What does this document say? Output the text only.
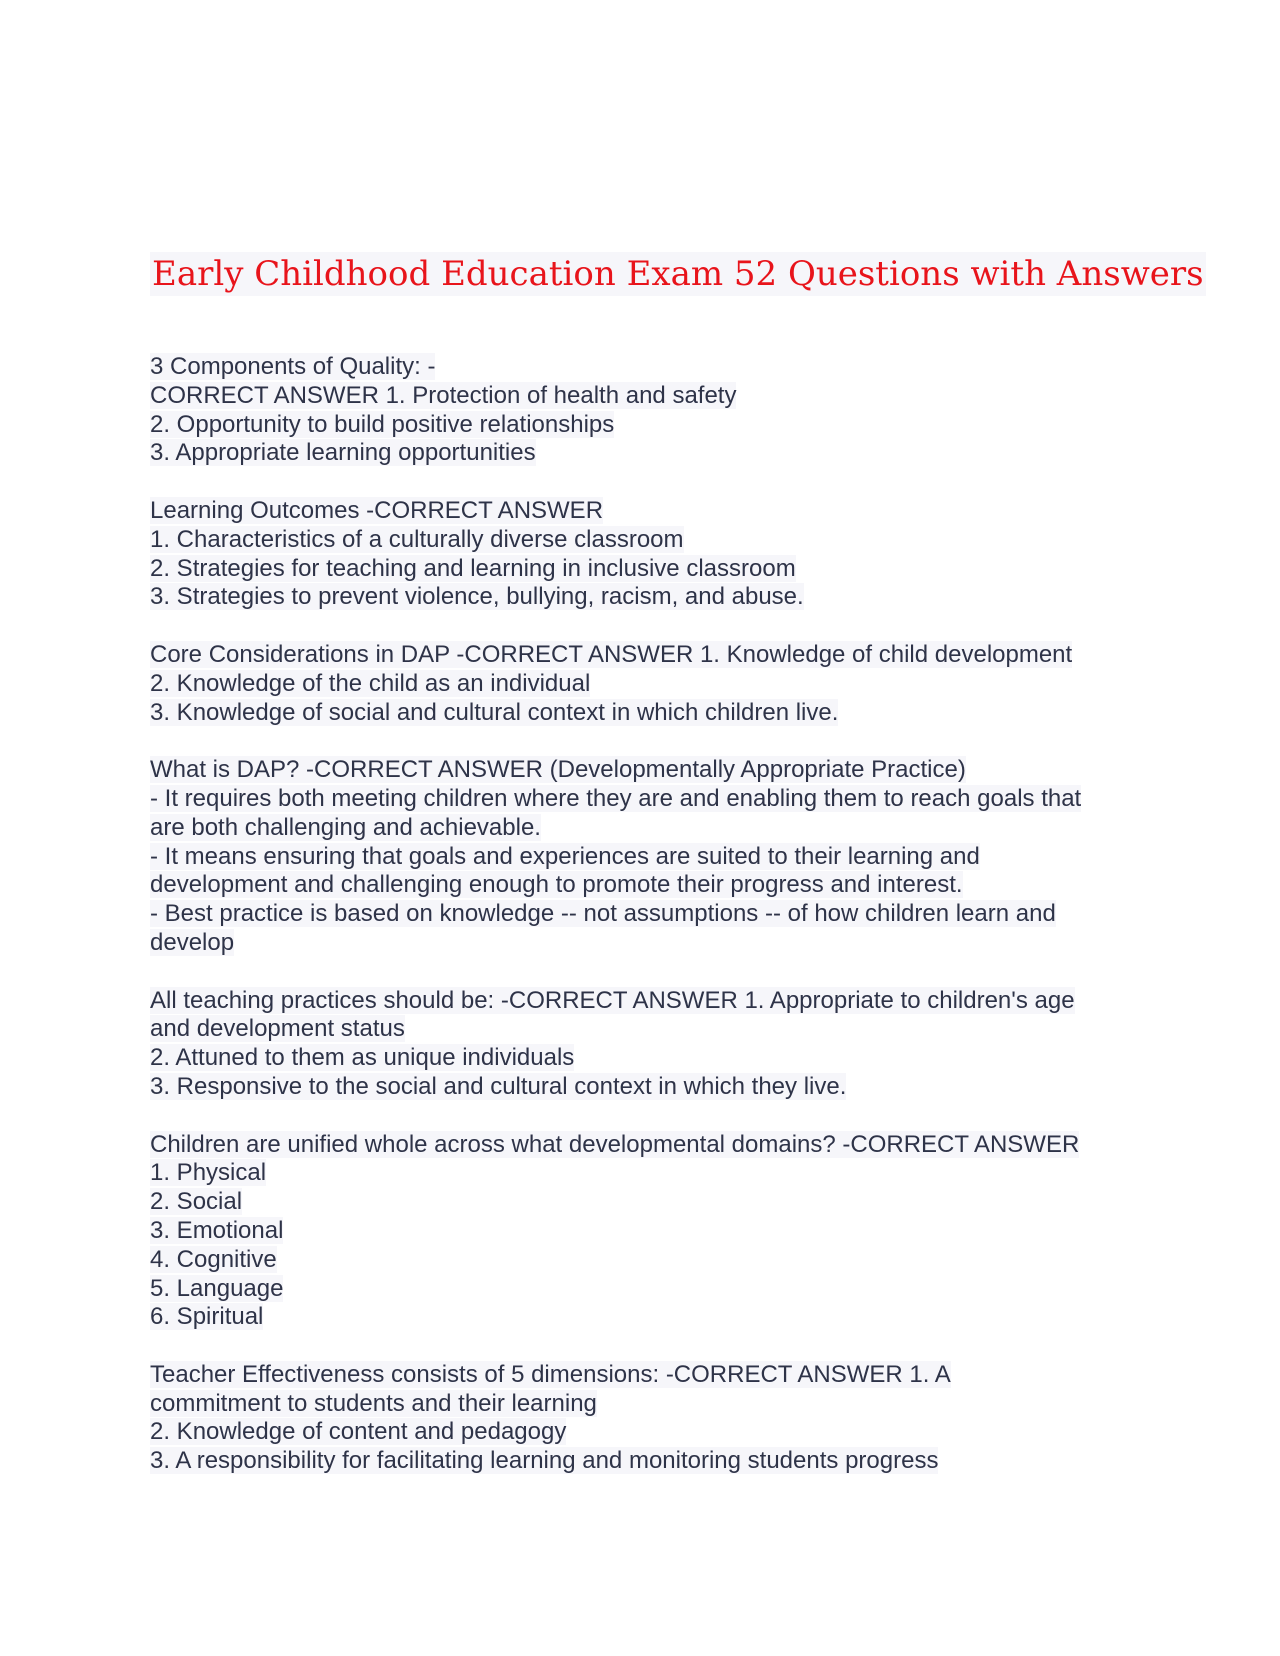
Early Childhood Education Exam 52 Questions with Answers
3 Components of Quality: -
CORRECT ANSWER 1. Protection of health and safety
2. Opportunity to build positive relationships
3. Appropriate learning opportunities
Learning Outcomes -CORRECT ANSWER
1. Characteristics of a culturally diverse classroom
2. Strategies for teaching and learning in inclusive classroom
3. Strategies to prevent violence, bullying, racism, and abuse.
Core Considerations in DAP -CORRECT ANSWER 1. Knowledge of child development
2. Knowledge of the child as an individual
3. Knowledge of social and cultural context in which children live.
What is DAP? -CORRECT ANSWER (Developmentally Appropriate Practice)
- It requires both meeting children where they are and enabling them to reach goals that
are both challenging and achievable.
- It means ensuring that goals and experiences are suited to their learning and
development and challenging enough to promote their progress and interest.
- Best practice is based on knowledge -- not assumptions -- of how children learn and
develop
All teaching practices should be: -CORRECT ANSWER 1. Appropriate to children's age
and development status
2. Attuned to them as unique individuals
3. Responsive to the social and cultural context in which they live.
Children are unified whole across what developmental domains? -CORRECT ANSWER
1. Physical
2. Social
3. Emotional
4. Cognitive
5. Language
6. Spiritual
Teacher Effectiveness consists of 5 dimensions: -CORRECT ANSWER 1. A
commitment to students and their learning
2. Knowledge of content and pedagogy
3. A responsibility for facilitating learning and monitoring students progress
